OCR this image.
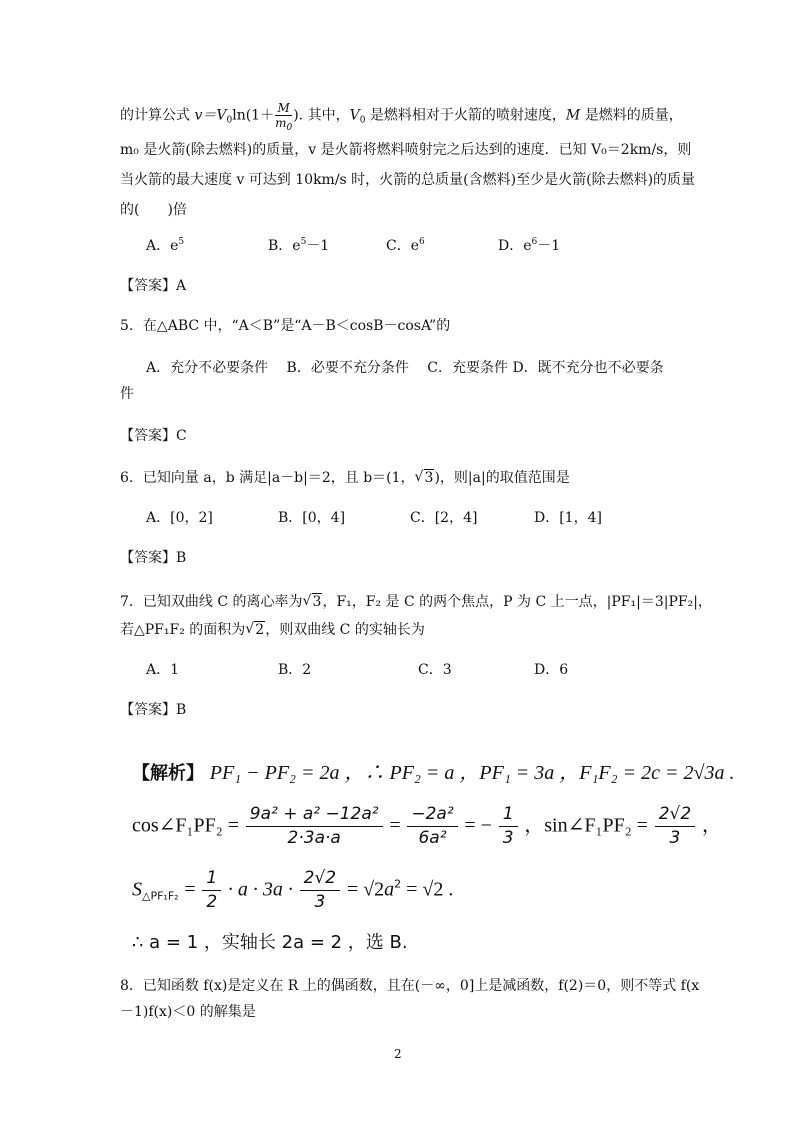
的计算公式 $v=V_0\ln(1+ \frac{M}{m_0}$ ). 其中，$V_0$ 是燃料相对于火箭的喷射速度，M 是燃料的质量，
m₀ 是火箭(除去燃料)的质量，v 是火箭将燃料喷射完之后达到的速度．已知 V₀＝2km/s，则
当火箭的最大速度 v 可达到 10km/s 时，火箭的总质量(含燃料)至少是火箭(除去燃料)的质量
的(　　)倍
A．$e^5$	B．$e^5-1$	C．$e^6$	D．$e^6-1$
【答案】A
5．在△ABC 中，“A＜B”是“A－B＜cosB－cosA”的
A．充分不必要条件　 B．必要不充分条件　 C．充要条件 D．既不充分也不必要条
件
【答案】C
6．已知向量 a，b 满足|a－b|＝2，且 b＝(1， √ 3)，则|a|的取值范围是
A．[0，2]	B．[0，4]	C．[2，4]	D．[1，4]
【答案】B
7．已知双曲线 C 的离心率为 √ 3，F₁，F₂ 是 C 的两个焦点，P 为 C 上一点，|PF₁|＝3|PF₂|，
若△PF₁F₂ 的面积为 √ 2，则双曲线 C 的实轴长为
A．1	B．2	C．3	D．6
【答案】B
【解析】 PF₁ − PF₂ = 2a ，∴ PF₂ = a ，PF₁ = 3a ，F₁F₂ = 2c = 2√3a .
cos∠F₁PF₂ = $\frac{\text{9a² + a² −12a²}}{2\cdot 3a\cdot a} = \frac{\text{−2a²}}{\text{6a²}}$ = − $\frac{1}{3}$ ，sin∠F₁PF₂ = $\frac{2√2}{3}$ ，
$S_{\triangle PF_1F_2} = \frac{1}{2} \cdot a \cdot 3a \cdot \frac{2√2}{3} = √2a^2 = √2$ .
∴ a = 1 ，实轴长 2a = 2 ，选 B.
8．已知函数 f(x)是定义在 R 上的偶函数，且在(－∞，0]上是减函数，f(2)＝0，则不等式 f(x
－1)f(x)＜0 的解集是
2
